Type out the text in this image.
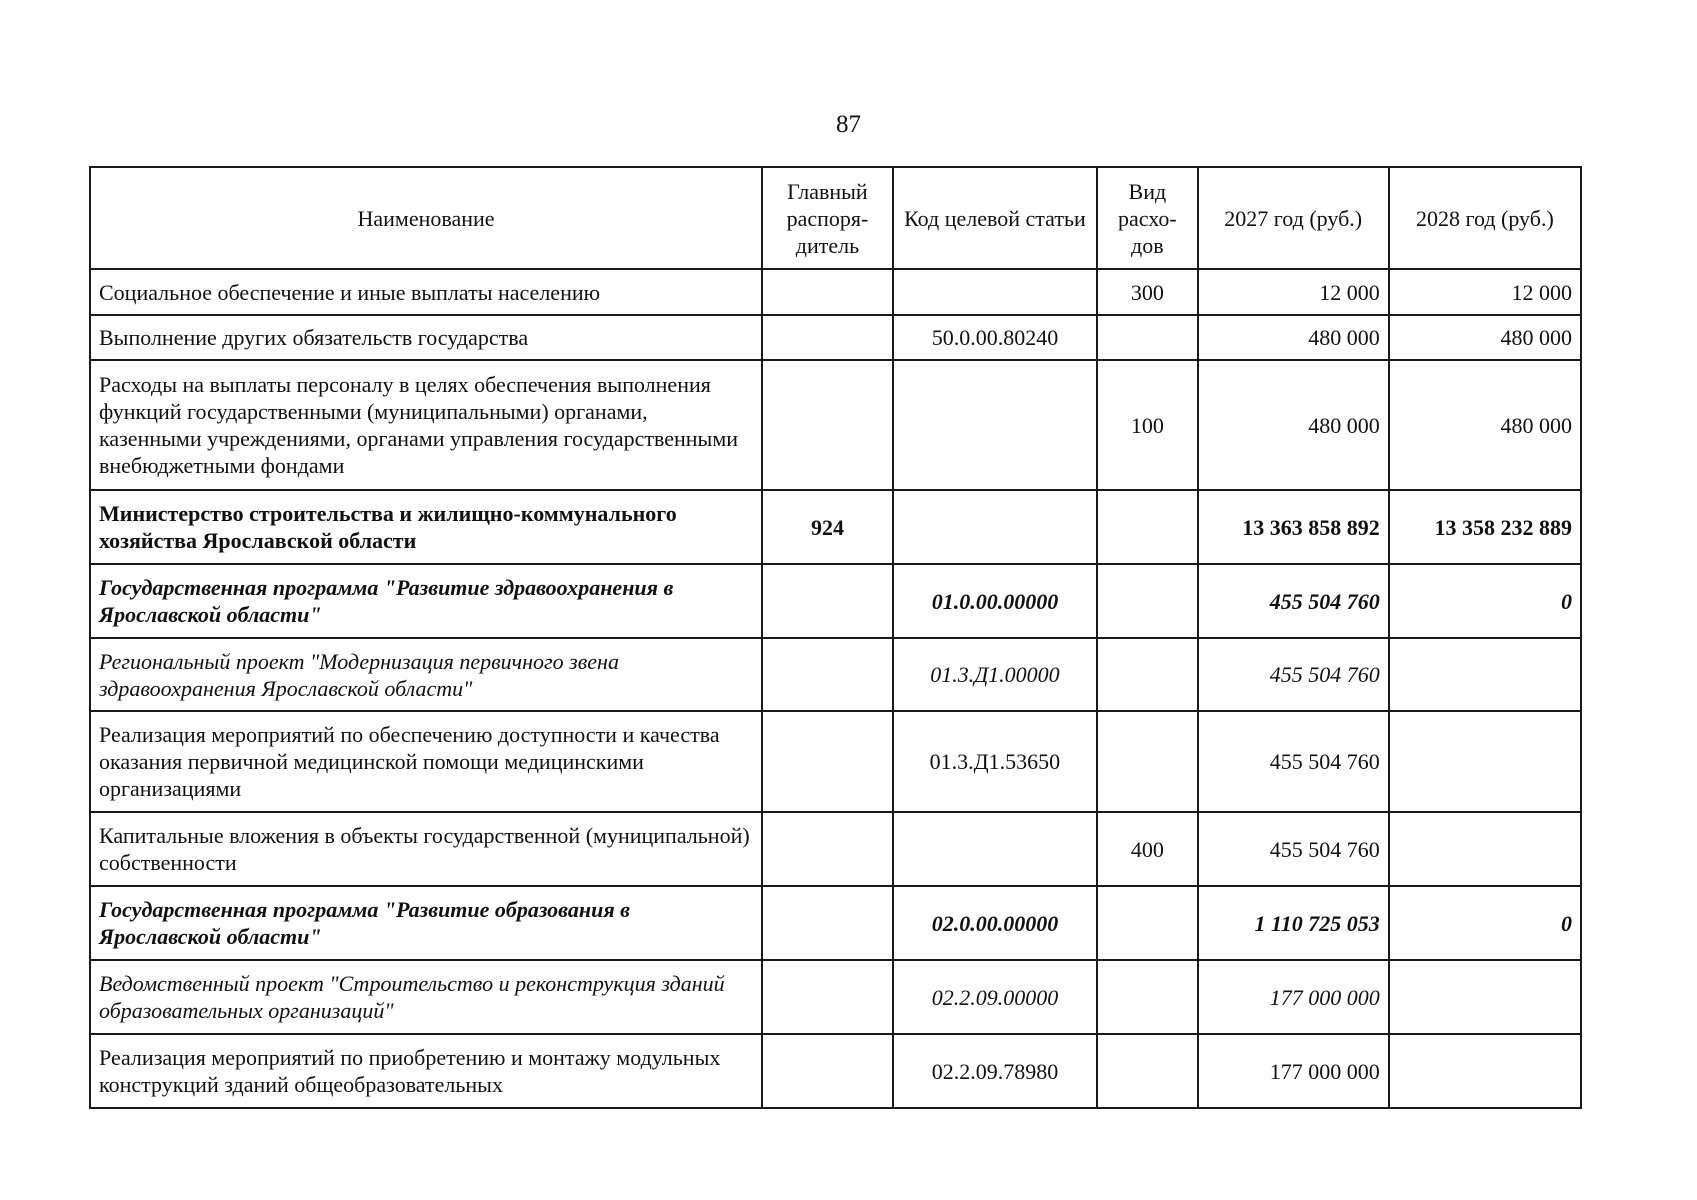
87
Наименование	Главный распоря-дитель	Код целевой статьи	Вид расхо-дов	2027 год (руб.)	2028 год (руб.)
Социальное обеспечение и иные выплаты населению			300	12 000	12 000
Выполнение других обязательств государства		50.0.00.80240		480 000	480 000
Расходы на выплаты персоналу в целях обеспечения выполнения функций государственными (муниципальными) органами, казенными учреждениями, органами управления государственными внебюджетными фондами			100	480 000	480 000
Министерство строительства и жилищно-коммунального хозяйства Ярославской области	924			13 363 858 892	13 358 232 889
Государственная программа "Развитие здравоохранения в Ярославской области"		01.0.00.00000		455 504 760	0
Региональный проект "Модернизация первичного звена здравоохранения Ярославской области"		01.3.Д1.00000		455 504 760	
Реализация мероприятий по обеспечению доступности и качества оказания первичной медицинской помощи медицинскими организациями		01.3.Д1.53650		455 504 760	
Капитальные вложения в объекты государственной (муниципальной) собственности			400	455 504 760	
Государственная программа "Развитие образования в Ярославской области"		02.0.00.00000		1 110 725 053	0
Ведомственный проект "Строительство и реконструкция зданий образовательных организаций"		02.2.09.00000		177 000 000	
Реализация мероприятий по приобретению и монтажу модульных конструкций зданий общеобразовательных		02.2.09.78980		177 000 000	
